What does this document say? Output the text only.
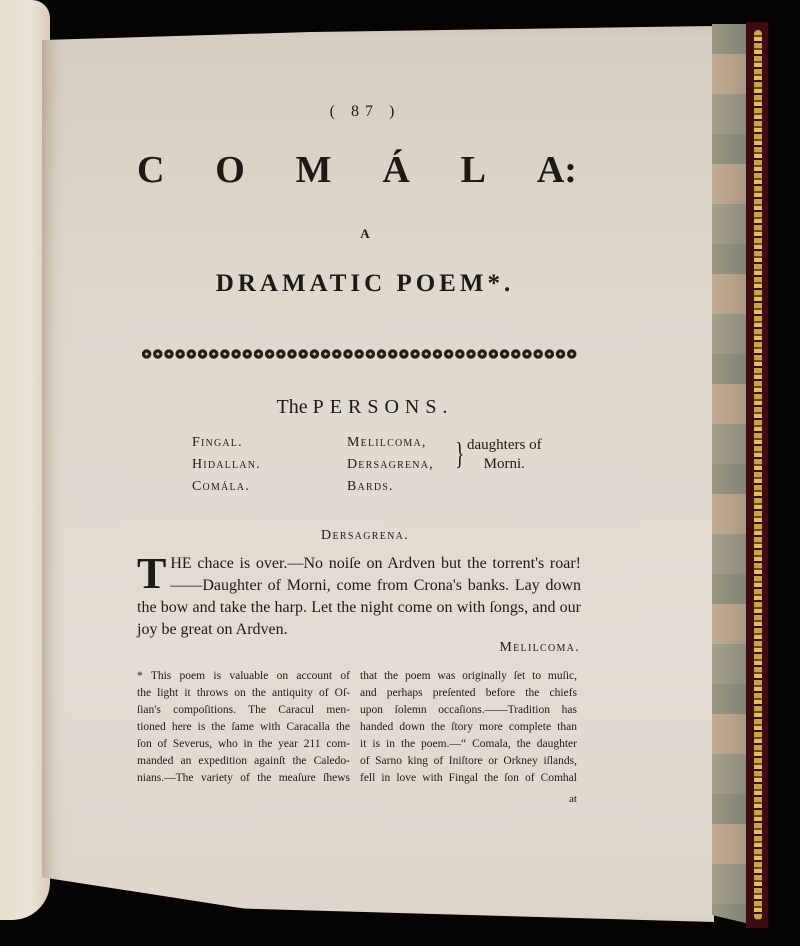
( 87 )
C O M Á L A:
A
DRAMATIC POEM*.
The PERSONS.
Fingal.
Hidallan.
Comála.
Melilcoma,
Dersagrena,
Bards.
} daughters of
Morni.
Dersagrena.
T HE chace is over.—No noiſe on Ardven but the torrent's roar! ——Daughter of Morni, come from Crona's banks. Lay down the bow and take the harp. Let the night come on with ſongs, and our joy be great on Ardven.
Melilcoma.
* This poem is valuable on account of
the light it throws on the antiquity of Oſ-
ſian's compoſitions. The Caracul men-
tioned here is the ſame with Caracalla the
ſon of Severus, who in the year 211 com-
manded an expedition againſt the Caledo-
nians.—The variety of the meaſure ſhews
that the poem was originally ſet to muſic,
and perhaps preſented before the chiefs
upon ſolemn occaſions.——Tradition has
handed down the ſtory more complete than
it is in the poem.—“ Comala, the daughter
of Sarno king of Iniſtore or Orkney iſlands,
fell in love with Fingal the ſon of Comhal
at
